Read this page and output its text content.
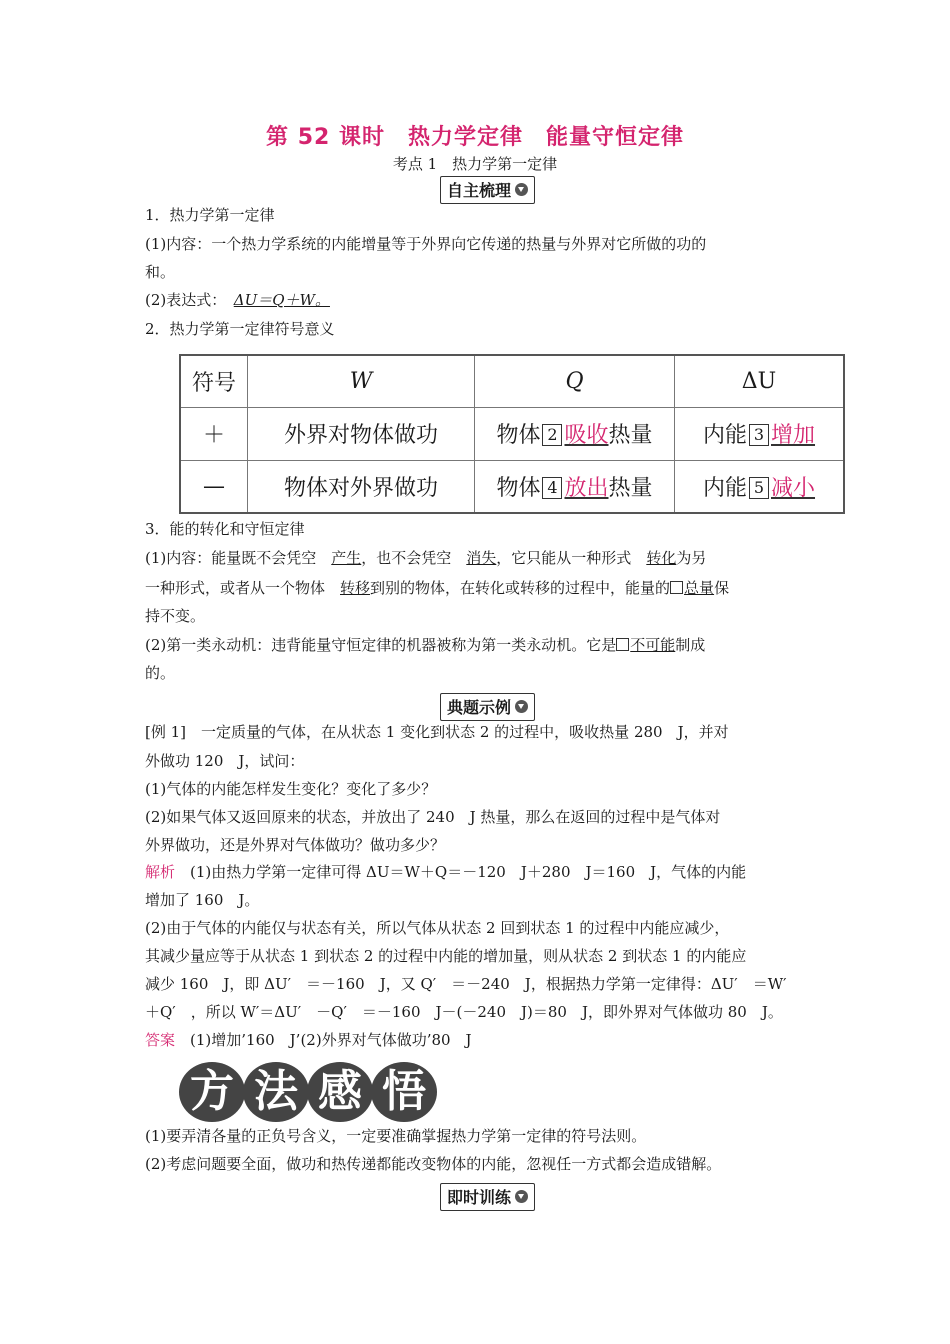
第 52 课时　热力学定律　能量守恒定律
考点 1　热力学第一定律
自主梳理
1．热力学第一定律
(1)内容：一个热力学系统的内能增量等于外界向它传递的热量与外界对它所做的功的
和。
(2)表达式：　 ΔU＝Q＋W。
2．热力学第一定律符号意义
符号	W	Q	ΔU
＋	外界对物体做功	物体 2 吸收热量	内能 3 增加
—	物体对外界做功	物体 4 放出热量	内能 5 减小
3．能的转化和守恒定律
(1)内容：能量既不会凭空　产生，也不会凭空　消失，它只能从一种形式　转化为另
一种形式，或者从一个物体　转移到别的物体，在转化或转移的过程中，能量的 总量保
持不变。
(2)第一类永动机：违背能量守恒定律的机器被称为第一类永动机。它是 不可能制成
的。
典题示例
[例 1]　一定质量的气体，在从状态 1 变化到状态 2 的过程中，吸收热量 280　J，并对
外做功 120　J，试问：
(1)气体的内能怎样发生变化？变化了多少？
(2)如果气体又返回原来的状态，并放出了 240　J 热量，那么在返回的过程中是气体对
外界做功，还是外界对气体做功？做功多少？
解析　(1)由热力学第一定律可得 ΔU＝W＋Q＝－120　J＋280　J＝160　J，气体的内能
增加了 160　J。
(2)由于气体的内能仅与状态有关，所以气体从状态 2 回到状态 1 的过程中内能应减少，
其减少量应等于从状态 1 到状态 2 的过程中内能的增加量，则从状态 2 到状态 1 的内能应
减少 160　J，即 ΔU′　＝－160　J，又 Q′　＝－240　J，根据热力学第一定律得：ΔU′　＝W′
＋Q′　，所以 W′＝ΔU′　－Q′　＝－160　J－(－240　J)＝80　J，即外界对气体做功 80　J。
答案　(1)增加’160　J’(2)外界对气体做功’80　J
方 法 感 悟
(1)要弄清各量的正负号含义，一定要准确掌握热力学第一定律的符号法则。
(2)考虑问题要全面，做功和热传递都能改变物体的内能，忽视任一方式都会造成错解。
即时训练
